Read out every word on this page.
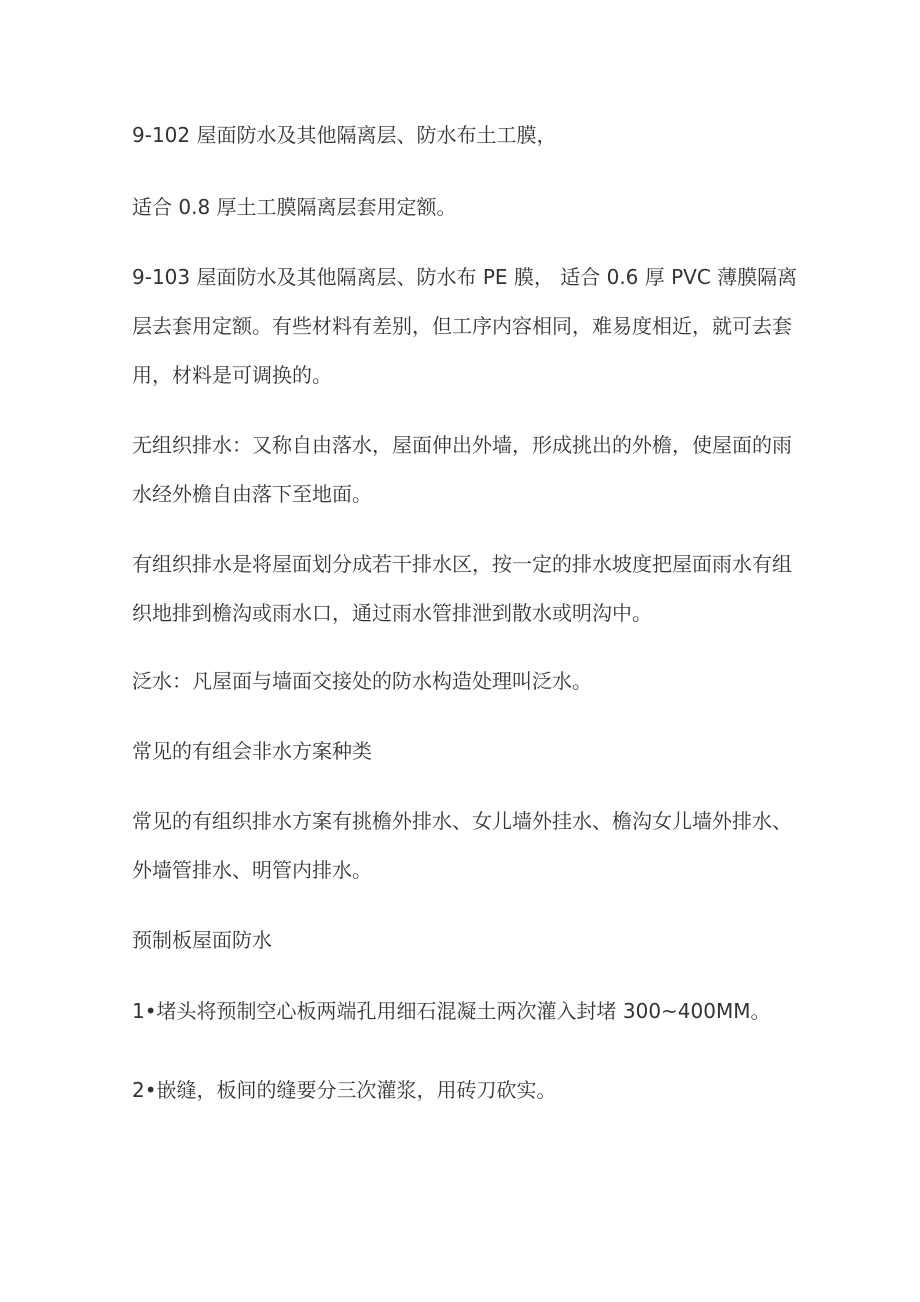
9-102 屋面防水及其他隔离层、防水布土工膜，

适合 0.8 厚土工膜隔离层套用定额。

9-103 屋面防水及其他隔离层、防水布 PE 膜， 适合 0.6 厚 PVC 薄膜隔离
层去套用定额。有些材料有差别，但工序内容相同，难易度相近，就可去套
用，材料是可调换的。

无组织排水：又称自由落水，屋面伸出外墙，形成挑出的外檐，使屋面的雨
水经外檐自由落下至地面。

有组织排水是将屋面划分成若干排水区，按一定的排水坡度把屋面雨水有组
织地排到檐沟或雨水口，通过雨水管排泄到散水或明沟中。

泛水：凡屋面与墙面交接处的防水构造处理叫泛水。

常见的有组会非水方案种类

常见的有组织排水方案有挑檐外排水、女儿墙外挂水、檐沟女儿墙外排水、
外墙管排水、明管内排水。

预制板屋面防水

1•堵头将预制空心板两端孔用细石混凝土两次灌入封堵 300~400MM。

2•嵌缝，板间的缝要分三次灌浆，用砖刀砍实。
